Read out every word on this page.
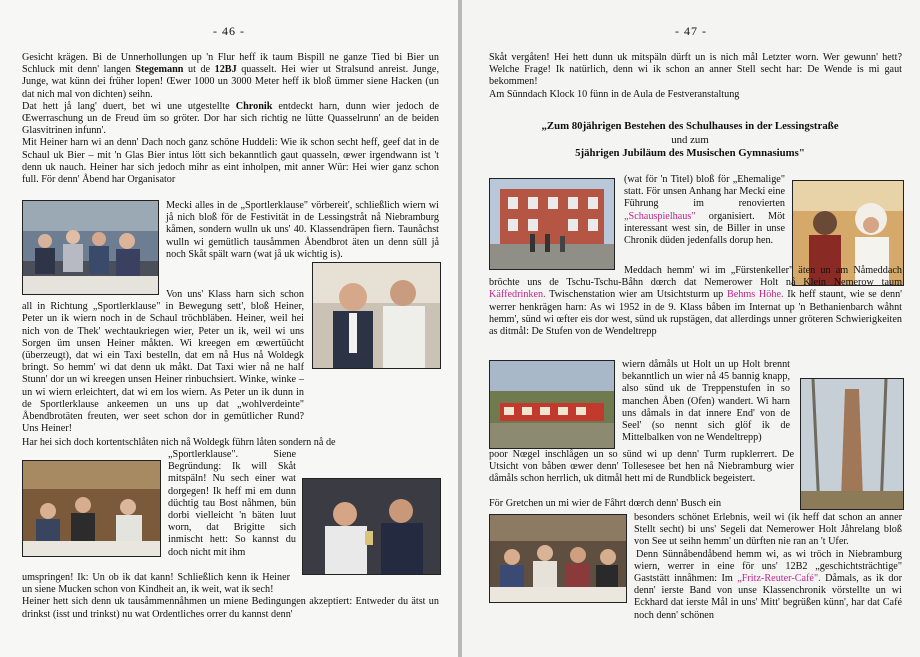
- 46 -

Gesicht krägen. Bi de Unnerhollungen up 'n Flur heff ik taum Bispill ne ganze Tied bi Bier un Schluck mit denn' langen Stegemann ut de 12BJ quasselt. Hei wier ut Stralsund anreist. Junge, Junge, wat künn dei früher lopen! Œwer 1000 un 3000 Meter heff ik bloß ümmer siene Hacken (un dat nich mal von dichten) seihn.

Dat hett jå lang' duert, bet wi une utgestellte Chronik entdeckt harn, dunn wier jedoch de Œwerraschung un de Freud üm so gröter. Dor har sich richtig ne lütte Quasselrunn' an de beiden Glasvitrinen infunn'.

Mit Heiner harn wi an denn' Dach noch ganz schöne Huddeli: Wie ik schon secht heff, geef dat in de Schaul uk Bier – mit 'n Glas Bier intus lött sich bekanntlich gaut quasseln, œwer irgendwann ist 't denn uk nauch. Heiner har sich jedoch mihr as eint inholpen, mit anner Wür: Hei wier ganz schon full. För denn' Åbend har Organisator

Mecki alles in de „Sportlerklause" vörbereit', schließlich wiern wi jå nich bloß för de Festivität in de Lessingstråt nå Niebramburg kåmen, sondern wulln uk uns' 40. Klassendräpen fiern. Taunåchst wulln wi gemütlich tausåmmen Åbendbrot äten un denn süll jå noch Skåt spält warn (wat jå uk wichtig is).

Von uns' Klass harn sich schon all in Richtung „Sportlerklause" in Bewegung sett', bloß Heiner, Peter un ik wiern noch in de Schaul tröchbläben. Heiner, weil hei nich von de Thek' wechtaukriegen wier, Peter un ik, weil wi uns Sorgen üm unsen Heiner måkten. Wi kreegen em œwertüücht (überzeugt), dat wi ein Taxi bestelln, dat em nå Hus nå Woldegk bringt. So hemm' wi dat denn uk måkt. Dat Taxi wier nå ne half Stunn' dor un wi kreegen unsen Heiner rinbuchsiert. Winke, winke – un wi wiern erleichtert, dat wi em los wiern. As Peter un ik dunn in de Sportlerklause ankeemen un uns up dat „wohlverdeinte" Åbendbrotäten freuten, wer seet schon dor in gemütlicher Rund? Uns Heiner!

Har hei sich doch kortentschlåten nich nå Woldegk führn låten sondern nå de

„Sportlerklause". Siene Begründung: Ik will Skåt mitspäln! Nu sech einer wat dorgegen! Ik heff mi em dunn düchtig tau Bost nåhmen, bün dorbi vielleicht 'n bäten luut worn, dat Brigitte sich inmischt hett: So kannst du doch nicht mit ihm

umspringen! Ik: Un ob ik dat kann! Schließlich kenn ik Heiner un siene Mucken schon von Kindheit an, ik weit, wat ik sech!

Heiner hett sich denn uk tausåmmennåhmen un miene Bedingungen akzeptiert: Entweder du ätst un drinkst (isst und trinkst) nu wat Ordentliches orrer du kannst denn'

- 47 -

Skåt vergåten! Hei hett dunn uk mitspäln dürft un is nich mål Letzter worn. Wer gewunn' hett? Welche Frage! Ik natürlich, denn wi ik schon an anner Stell secht har: De Wende is mi gaut bekommen!

Am Sünndach Klock 10 fünn in de Aula de Festveranstaltung

„Zum 80jährigen Bestehen des Schulhauses in der Lessingstraße
und zum
5jährigen Jubiläum des Musischen Gymnasiums"

(wat för 'n Titel) bloß för „Ehemalige" statt. För unsen Anhang har Mecki eine Führung im renovierten „Schauspielhaus" organisiert. Möt interessant west sin, de Biller in unse Chronik düden jedenfalls dorup hen.

Meddach hemm' wi im „Fürstenkeller" äten un am Nåmeddach bröchte uns de Tschu-Tschu-Båhn dœrch dat Nemerower Holt nå Klein Nemerow taum Käffedrinken. Twischenstation wier am Utsichtsturm up Behms Höhe. Ik heff staunt, wie se denn' werrer henkrägen harn: As wi 1952 in de 9. Klass båben im Internat up 'n Bethanienbarch wåhnt hemm', sünd wi œfter eis dor west, sünd uk rupstägen, dat allerdings unner gröteren Schwierigkeiten as ditmål: De Stufen von de Wendeltrepp

wiern dåmåls ut Holt un up Holt brennt bekanntlich un wier nå 45 bannig knapp, also sünd uk de Treppenstufen in so manchen Åben (Ofen) wandert. Wi harn uns dåmals in dat innere End' von de Seel' (so nennt sich glöf ik de Mittelbalken von ne Wendeltrepp)

poor Nœgel inschlågen un so sünd wi up denn' Turm rupklerrert. De Utsicht von båben œwer denn' Tollesesee bet hen nå Niebramburg wier dåmåls schon herrlich, uk ditmål hett mi de Rundblick begeistert.

För Gretchen un mi wier de Fåhrt dœrch denn' Busch ein

besonders schönet Erlebnis, weil wi (ik heff dat schon an anner Stellt secht) bi uns' Segeli dat Nemerower Holt Jåhrelang bloß von See ut seihn hemm' un dürften nie ran an 't Ufer.

Denn Sünnåbendåbend hemm wi, as wi tröch in Niebramburg wiern, werrer in eine för uns' 12B2 „geschichtsträchtige" Gaststätt innåhmen: Im „Fritz-Reuter-Café". Dåmals, as ik dor denn' ierste Band von unse Klassenchronik vörstellte un wi Eckhard dat ierste Mål in uns' Mitt' begrüßen künn', har dat Café noch denn' schönen
